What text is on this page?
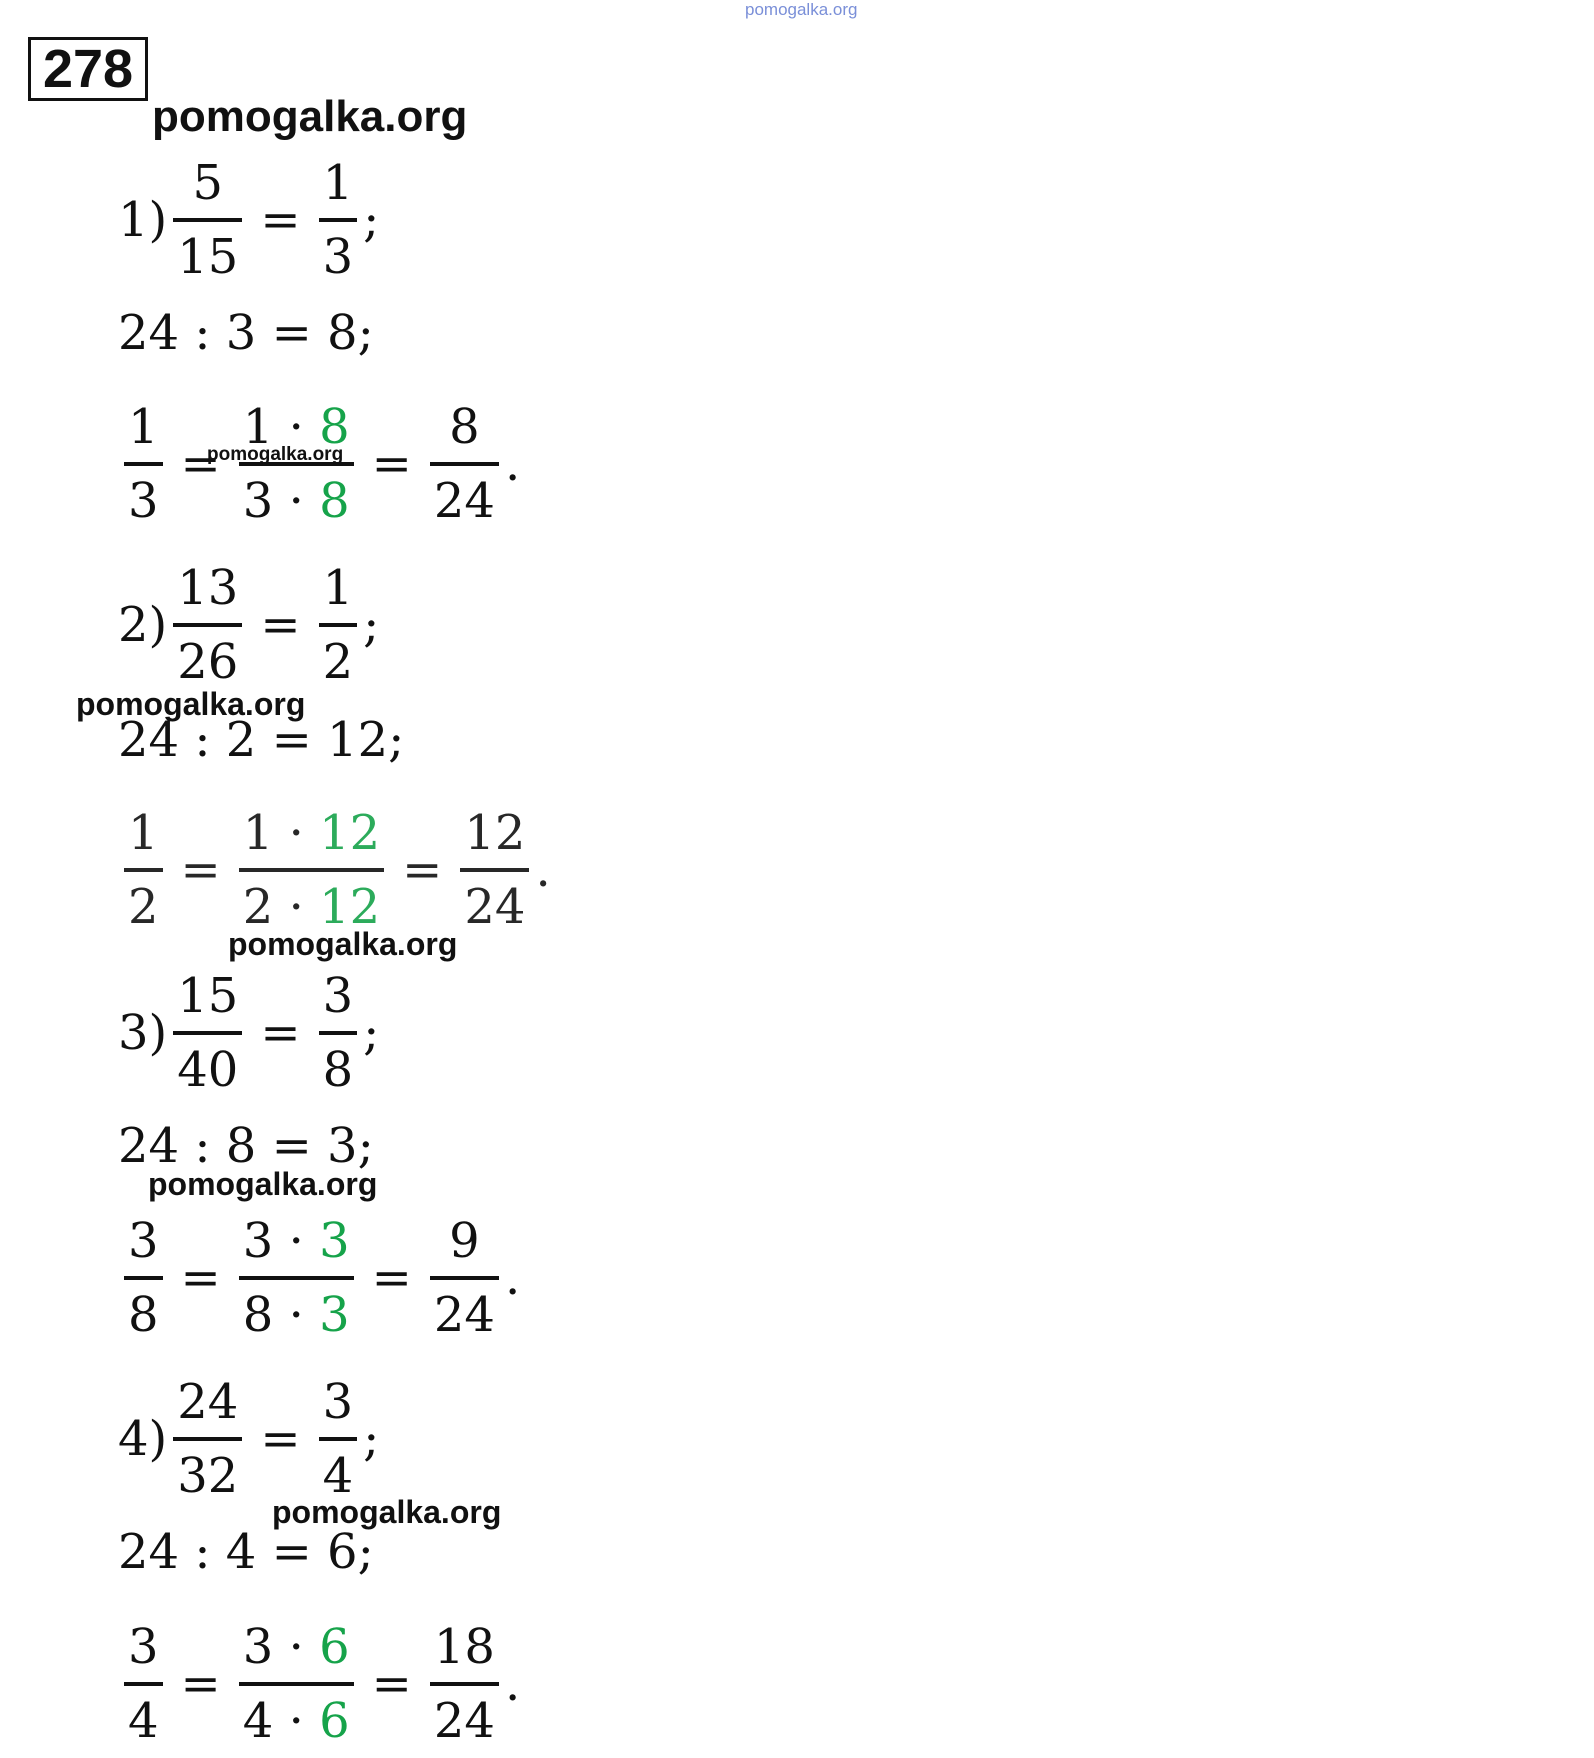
pomogalka.org
278
pomogalka.org
$1) \frac{5}{15} = \frac{1}{3}$ ;
24 : 3 = 8;
$\frac{1}{3} = \frac{1 \cdot 8}{3 \cdot 8} = \frac{8}{24}$ .
pomogalka.org
$2) \frac{13}{26} = \frac{1}{2}$ ;
pomogalka.org
24 : 2 = 12;
$\frac{1}{2} = \frac{1 \cdot 12}{2 \cdot 12} = \frac{12}{24}$ .
pomogalka.org
$3) \frac{15}{40} = \frac{3}{8}$ ;
24 : 8 = 3;
pomogalka.org
$\frac{3}{8} = \frac{3 \cdot 3}{8 \cdot 3} = \frac{9}{24}$ .
$4) \frac{24}{32} = \frac{3}{4}$ ;
pomogalka.org
24 : 4 = 6;
$\frac{3}{4} = \frac{3 \cdot 6}{4 \cdot 6} = \frac{18}{24}$ .
